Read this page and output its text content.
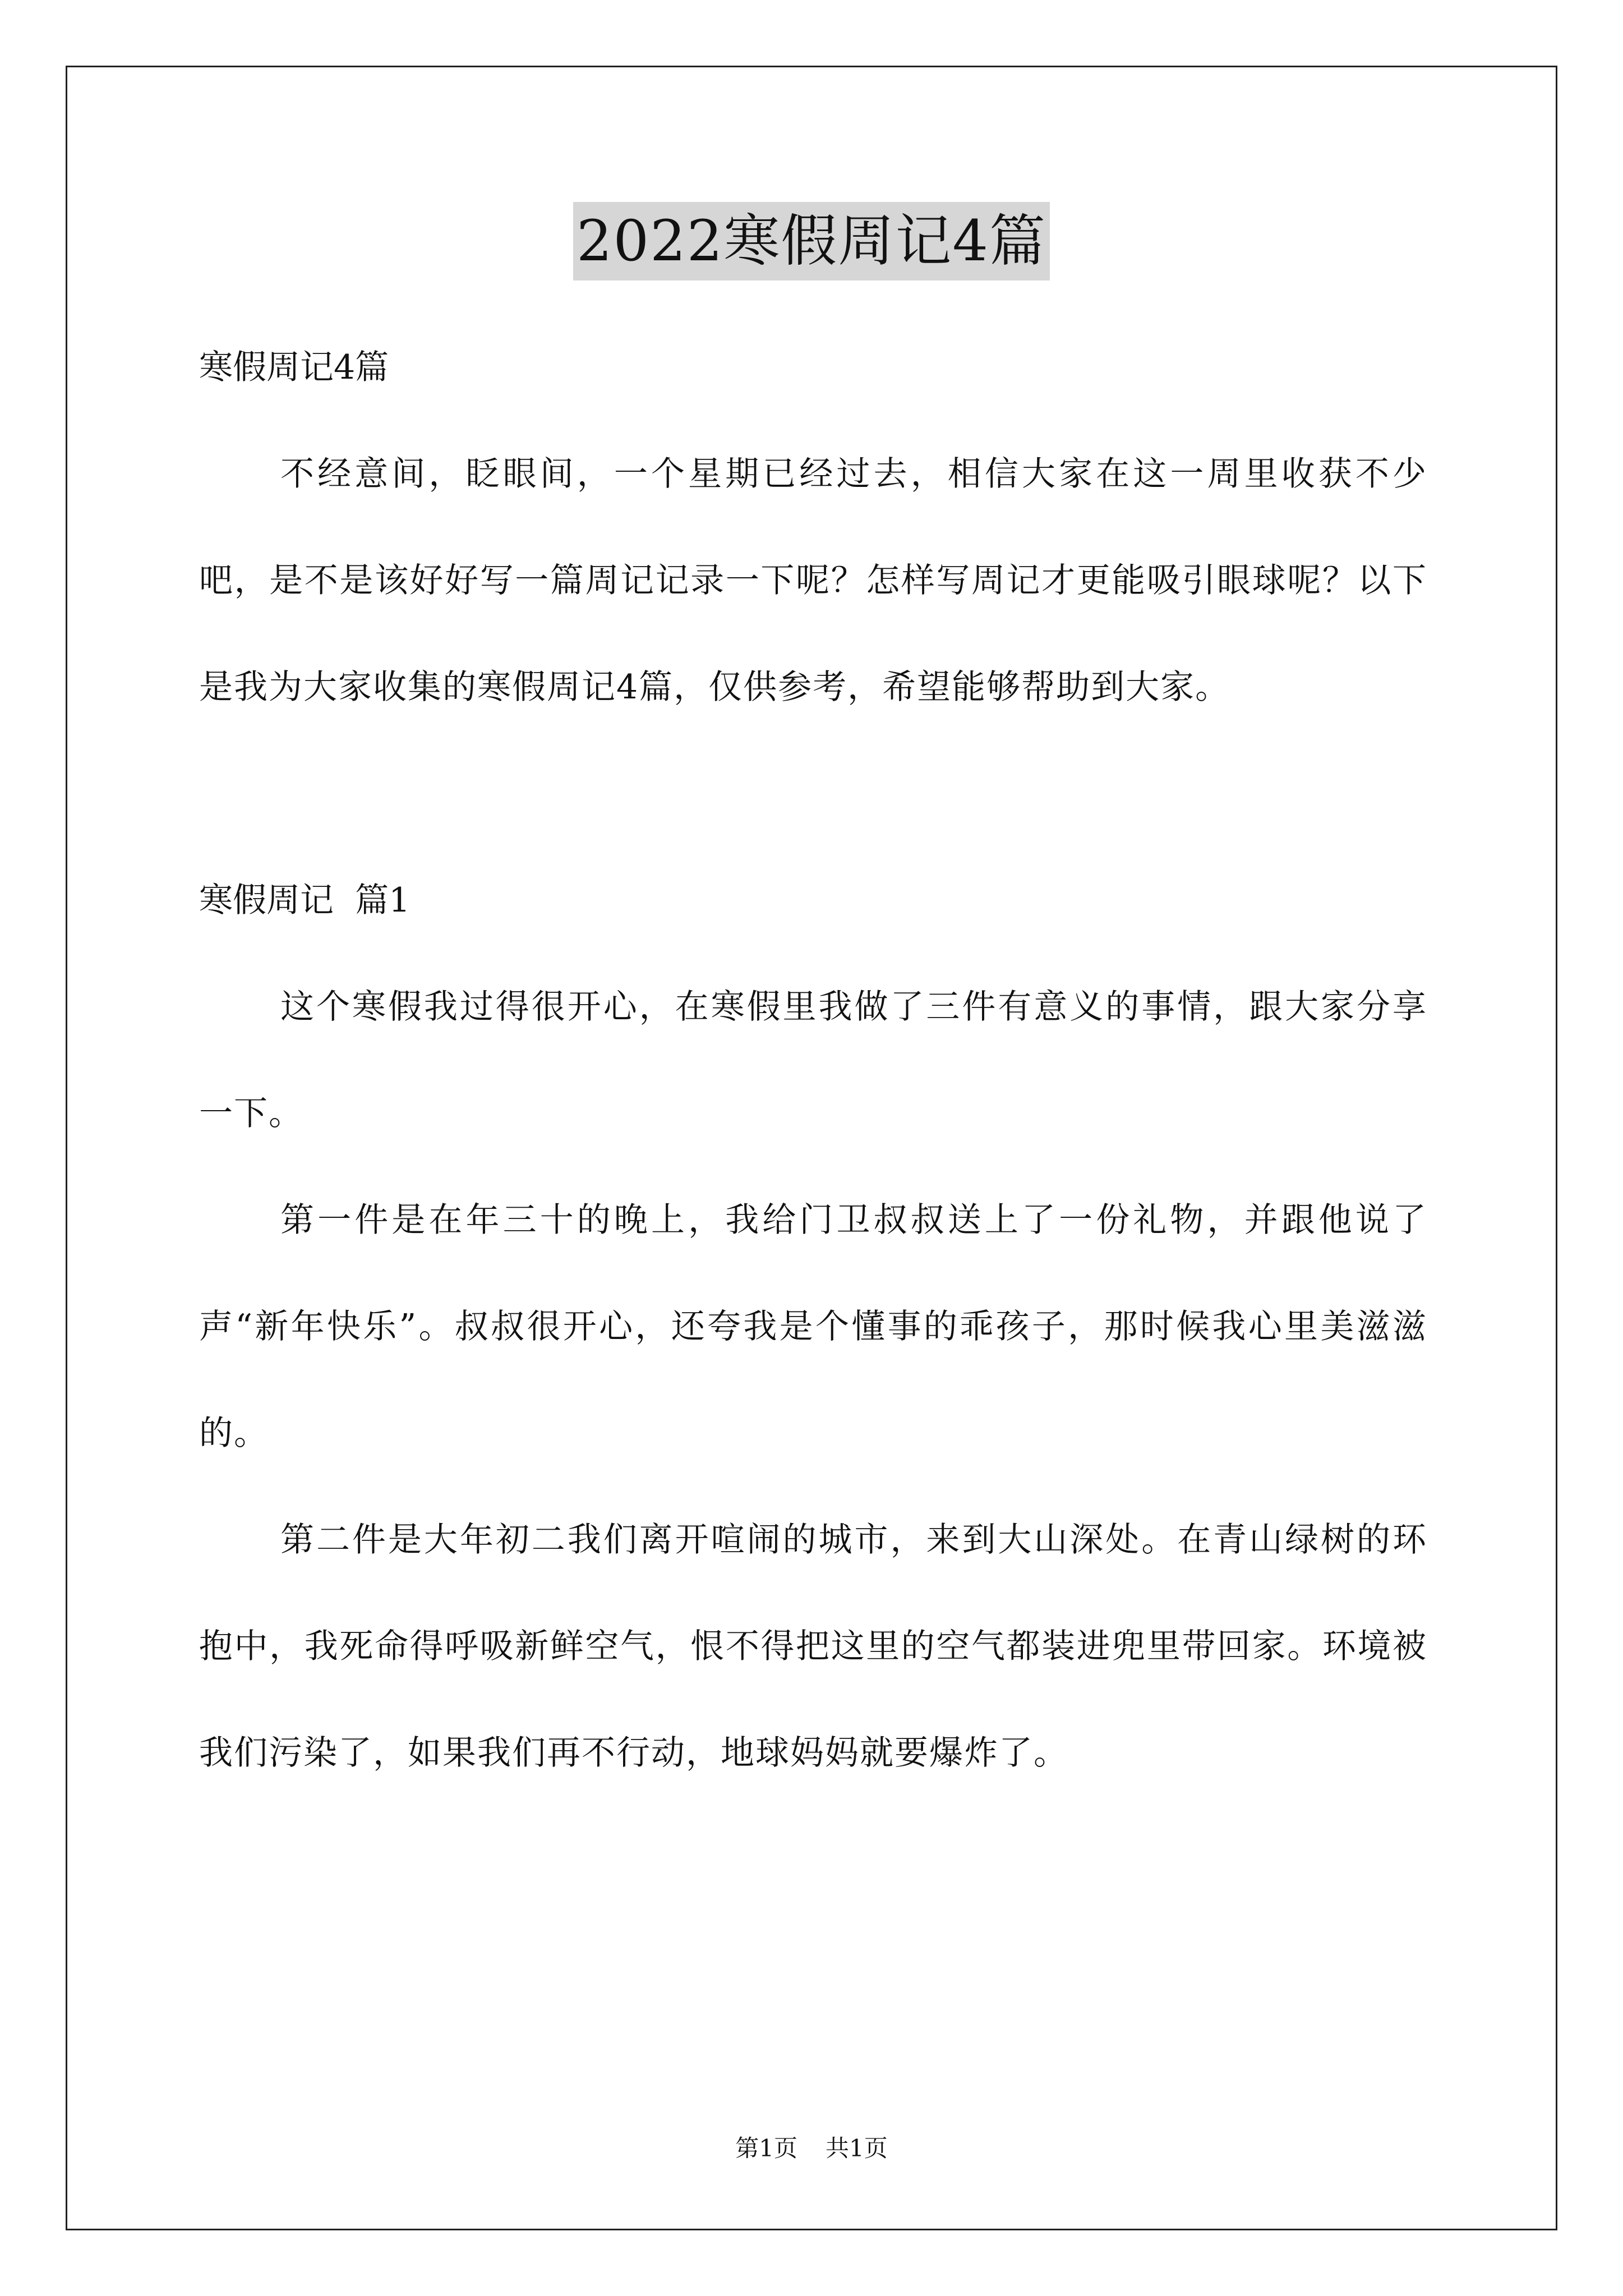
2022寒假周记4篇

寒假周记4篇

不经意间，眨眼间，一个星期已经过去，相信大家在这一周里收获不少吧，是不是该好好写一篇周记记录一下呢？怎样写周记才更能吸引眼球呢？以下是我为大家收集的寒假周记4篇，仅供参考，希望能够帮助到大家。

寒假周记  篇1

这个寒假我过得很开心，在寒假里我做了三件有意义的事情，跟大家分享一下。

第一件是在年三十的晚上，我给门卫叔叔送上了一份礼物，并跟他说了声“新年快乐”。叔叔很开心，还夸我是个懂事的乖孩子，那时候我心里美滋滋的。

第二件是大年初二我们离开喧闹的城市，来到大山深处。在青山绿树的环抱中，我死命得呼吸新鲜空气，恨不得把这里的空气都装进兜里带回家。环境被我们污染了，如果我们再不行动，地球妈妈就要爆炸了。

第1页 共1页
